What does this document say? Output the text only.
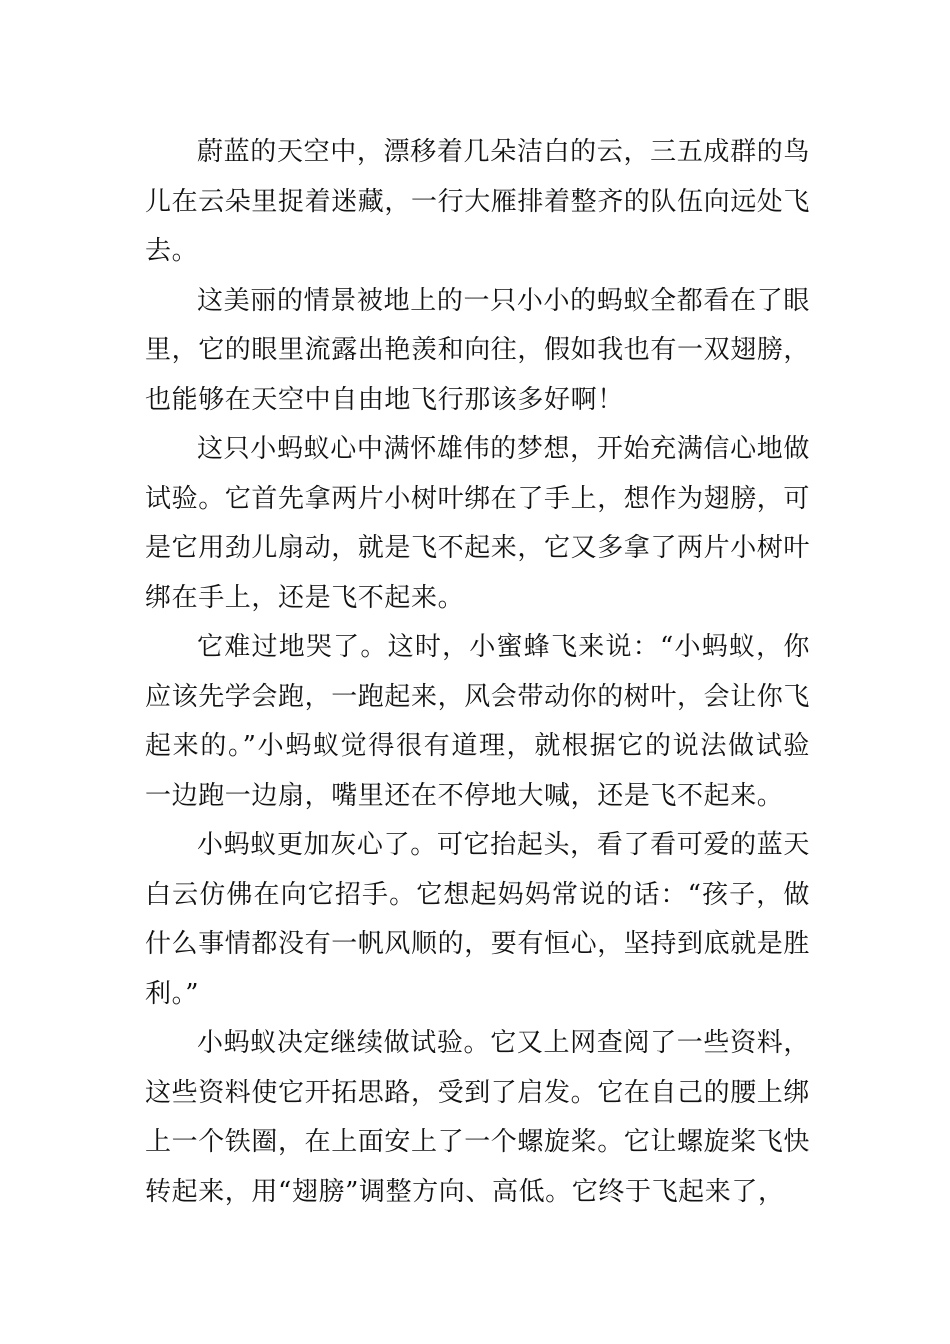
蔚蓝的天空中，漂移着几朵洁白的云，三五成群的鸟儿在云朵里捉着迷藏，一行大雁排着整齐的队伍向远处飞去。

这美丽的情景被地上的一只小小的蚂蚁全都看在了眼里，它的眼里流露出艳羡和向往，假如我也有一双翅膀，也能够在天空中自由地飞行那该多好啊！

这只小蚂蚁心中满怀雄伟的梦想，开始充满信心地做试验。它首先拿两片小树叶绑在了手上，想作为翅膀，可是它用劲儿扇动，就是飞不起来，它又多拿了两片小树叶绑在手上，还是飞不起来。

它难过地哭了。这时，小蜜蜂飞来说：“小蚂蚁，你应该先学会跑，一跑起来，风会带动你的树叶，会让你飞起来的。”小蚂蚁觉得很有道理，就根据它的说法做试验一边跑一边扇，嘴里还在不停地大喊，还是飞不起来。

小蚂蚁更加灰心了。可它抬起头，看了看可爱的蓝天白云仿佛在向它招手。它想起妈妈常说的话：“孩子，做什么事情都没有一帆风顺的，要有恒心，坚持到底就是胜利。”

小蚂蚁决定继续做试验。它又上网查阅了一些资料，这些资料使它开拓思路，受到了启发。它在自己的腰上绑上一个铁圈，在上面安上了一个螺旋桨。它让螺旋桨飞快转起来，用“翅膀”调整方向、高低。它终于飞起来了，
